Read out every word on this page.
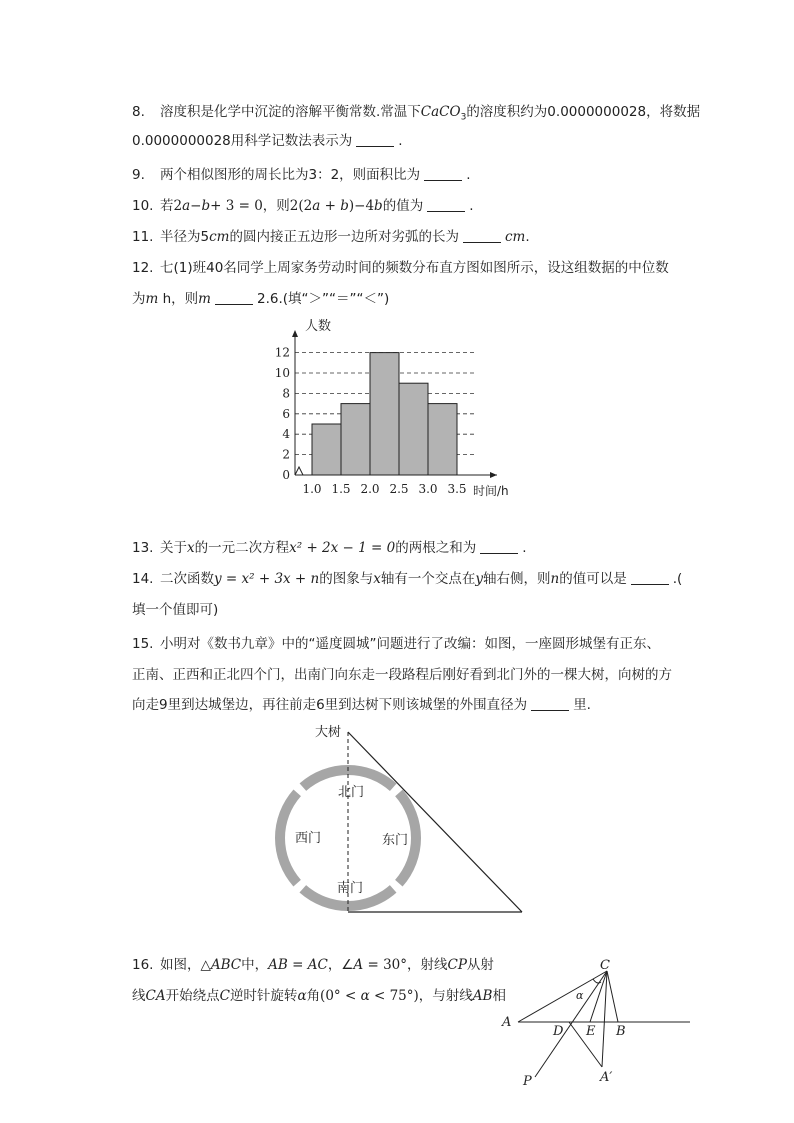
8. 溶度积是化学中沉淀的溶解平衡常数.常温下CaCO$_3$的溶度积约为0.0000000028，将数据
0.0000000028用科学记数法表示为	.
9. 两个相似图形的周长比为3：2，则面积比为	.
10. 若2a−b+ 3 = 0，则2(2a + b)−4b的值为	.
11. 半径为5cm的圆内接正五边形一边所对劣弧的长为	cm.
12. 七(1)班40名同学上周家务劳动时间的频数分布直方图如图所示，设这组数据的中位数
为m h，则m	2.6.(填“＞”“＝”“＜”)
0
2
4
6
8
10
12
1.0 1.5 2.0 2.5 3.0 3.5
人数
时间/h
13. 关于x的一元二次方程x² + 2x − 1 = 0的两根之和为	.
14. 二次函数y = x² + 3x + n的图象与x轴有一个交点在y轴右侧，则n的值可以是	.(
填一个值即可)
15. 小明对《数书九章》中的“遥度圆城”问题进行了改编：如图，一座圆形城堡有正东、
正南、正西和正北四个门，出南门向东走一段路程后刚好看到北门外的一棵大树，向树的方
向走9里到达城堡边，再往前走6里到达树下则该城堡的外围直径为	里.
大树
北门
西门	东门
南门
16. 如图，△ABC中，AB = AC，∠A = 30°，射线CP从射
线CA开始绕点C逆时针旋转α角(0° < α < 75°)，与射线AB相
C
A
D E B
P	A′
α
